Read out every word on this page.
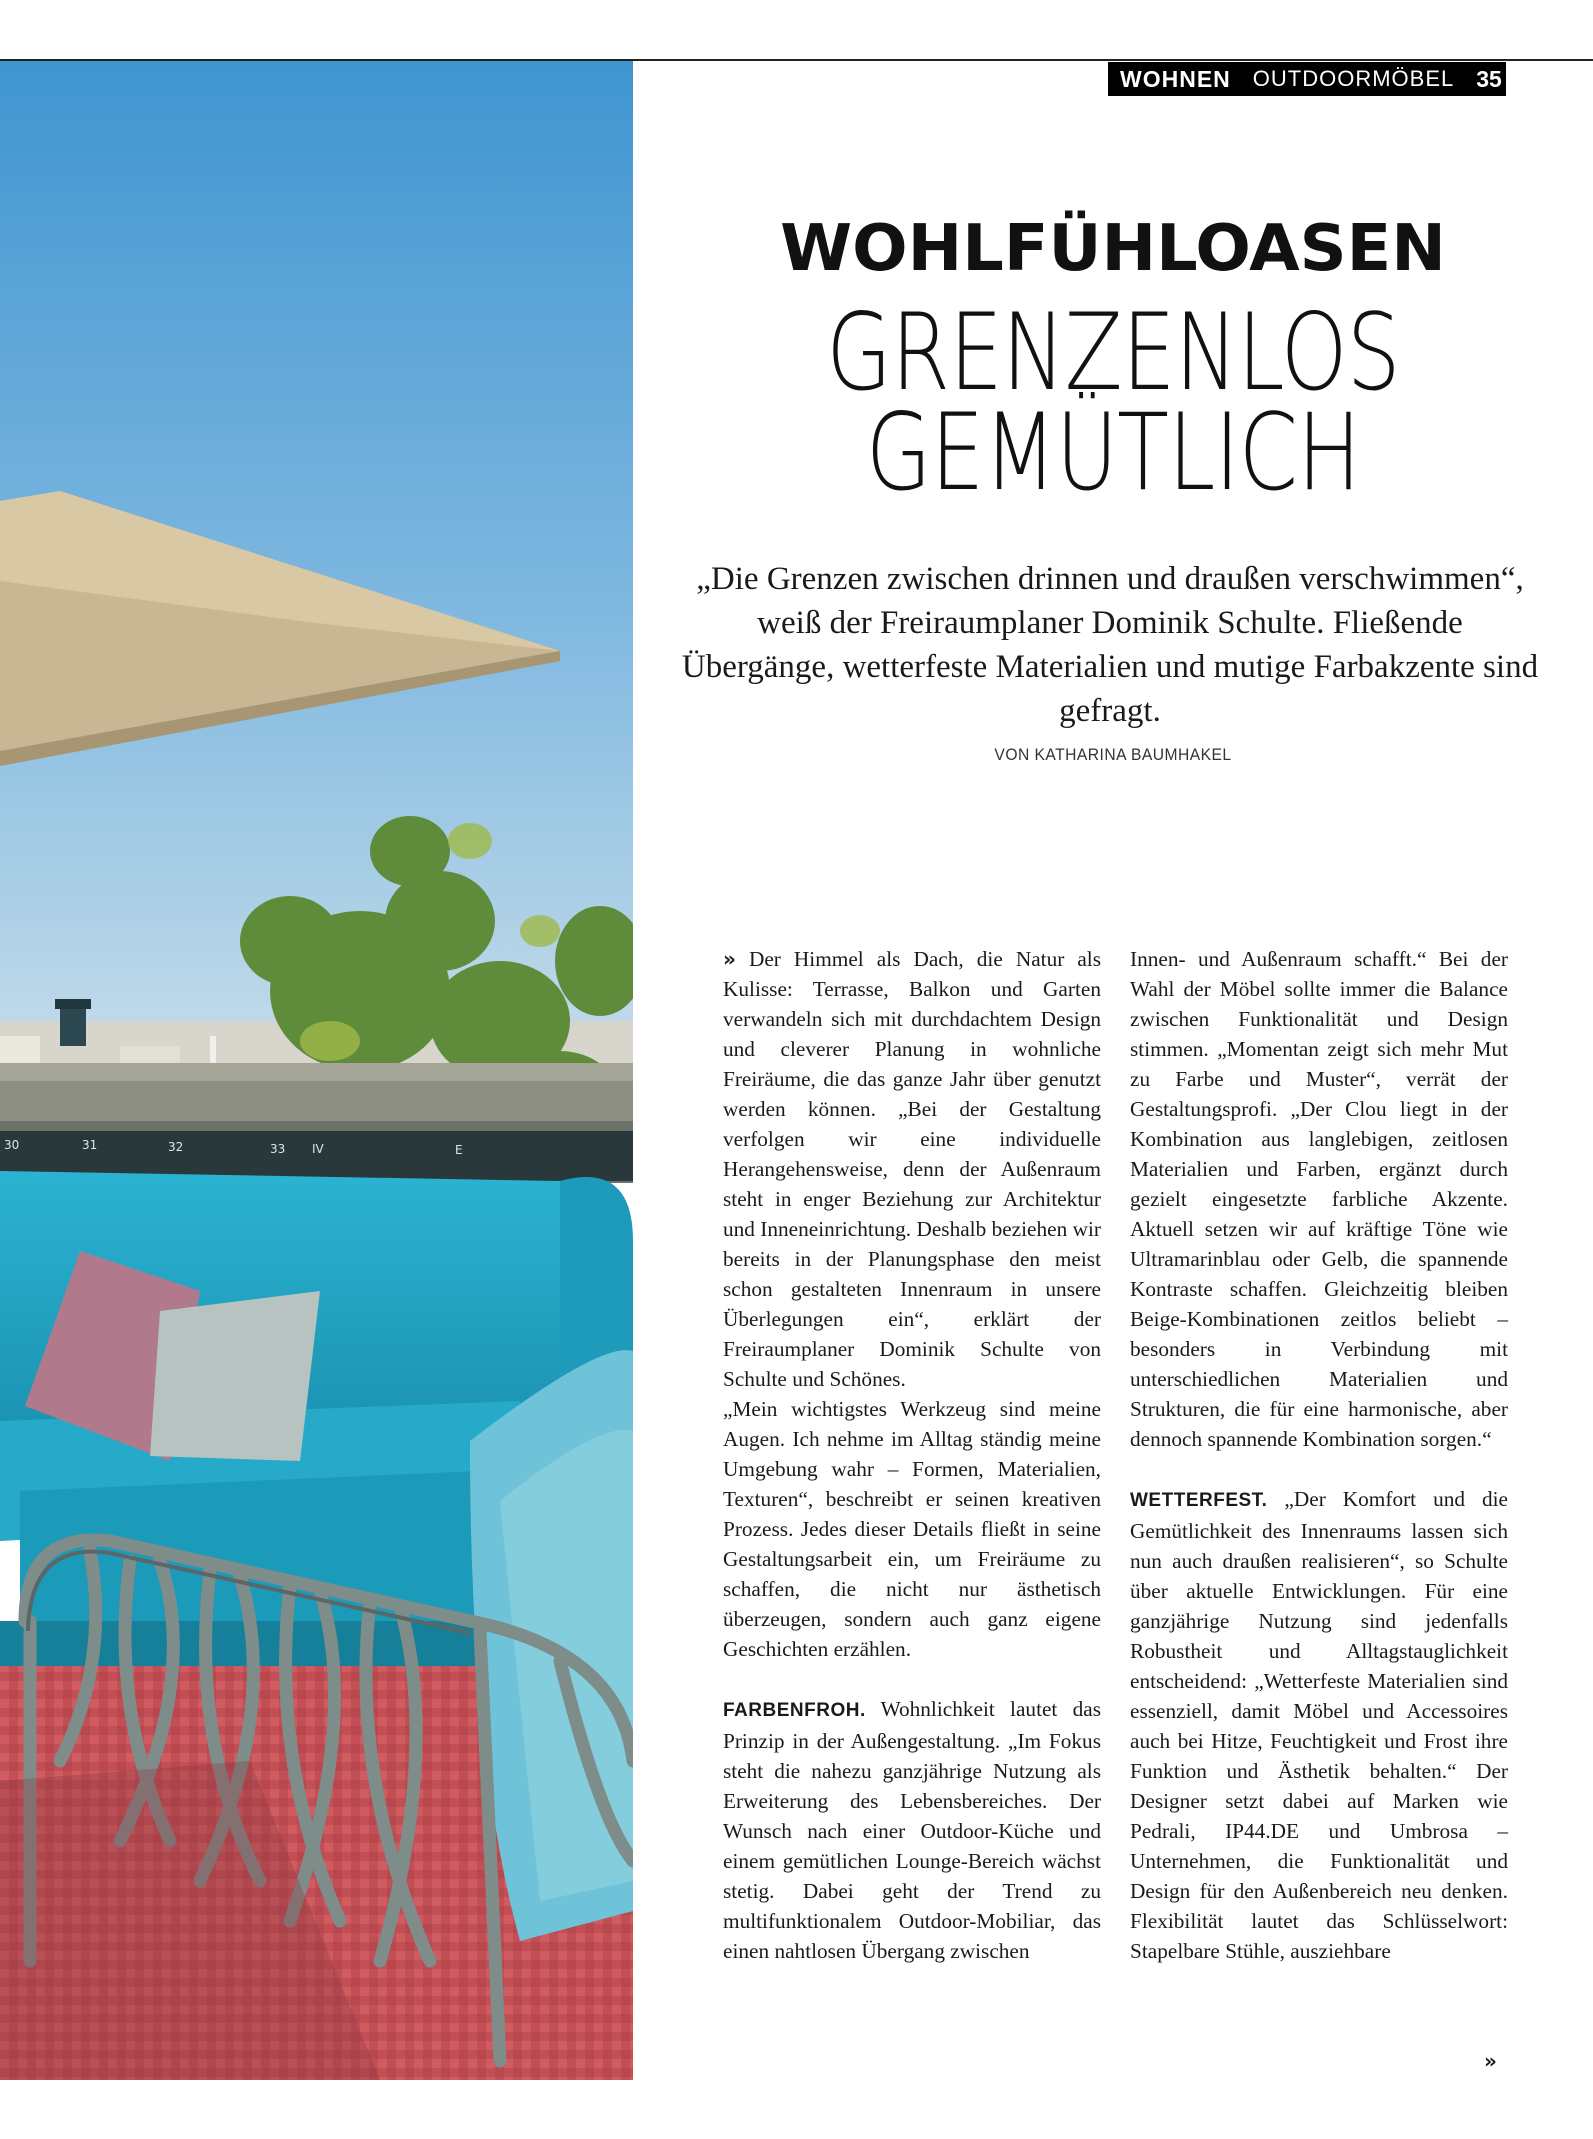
30	31	32	33 IV	E
WOHNEN OUTDOORMÖBEL 35
WOHLFÜHLOASEN
GRENZENLOS
GEMÜTLICH
„Die Grenzen zwischen drinnen und draußen verschwimmen“, weiß der Freiraumplaner Dominik Schulte. Fließende Übergänge, wetterfeste Materialien und mutige Farbakzente sind gefragt.
VON KATHARINA BAUMHAKEL

» Der Himmel als Dach, die Natur als Kulisse: Terrasse, Balkon und Garten verwandeln sich mit durchdachtem Design und cleverer Planung in wohnliche Freiräume, die das ganze Jahr über genutzt werden können. „Bei der Gestaltung verfolgen wir eine individuelle Herangehensweise, denn der Außenraum steht in enger Beziehung zur Architektur und Inneneinrichtung. Deshalb beziehen wir bereits in der Planungsphase den meist schon gestalteten Innenraum in unsere Überlegungen ein“, erklärt der Freiraumplaner Dominik Schulte von Schulte und Schönes.

„Mein wichtigstes Werkzeug sind meine Augen. Ich nehme im Alltag ständig meine Umgebung wahr – Formen, Materialien, Texturen“, beschreibt er seinen kreativen Prozess. Jedes dieser Details fließt in seine Gestaltungsarbeit ein, um Freiräume zu schaffen, die nicht nur ästhetisch überzeugen, sondern auch ganz eigene Geschichten erzählen.

FARBENFROH. Wohnlichkeit lautet das Prinzip in der Außengestaltung. „Im Fokus steht die nahezu ganzjährige Nutzung als Erweiterung des Lebensbereiches. Der Wunsch nach einer Outdoor-Küche und einem gemütlichen Lounge-Bereich wächst stetig. Dabei geht der Trend zu multifunktionalem Outdoor-Mobiliar, das einen nahtlosen Übergang zwischen

Innen- und Außenraum schafft.“ Bei der Wahl der Möbel sollte immer die Balance zwischen Funktionalität und Design stimmen. „Momentan zeigt sich mehr Mut zu Farbe und Muster“, verrät der Gestaltungsprofi. „Der Clou liegt in der Kombination aus langlebigen, zeitlosen Materialien und Farben, ergänzt durch gezielt eingesetzte farbliche Akzente. Aktuell setzen wir auf kräftige Töne wie Ultramarinblau oder Gelb, die spannende Kontraste schaffen. Gleichzeitig bleiben Beige-Kombinationen zeitlos beliebt – besonders in Verbindung mit unterschiedlichen Materialien und Strukturen, die für eine harmonische, aber dennoch spannende Kombination sorgen.“

WETTERFEST. „Der Komfort und die Gemütlichkeit des Innenraums lassen sich nun auch draußen realisieren“, so Schulte über aktuelle Entwicklungen. Für eine ganzjährige Nutzung sind jedenfalls Robustheit und Alltagstauglichkeit entscheidend: „Wetterfeste Materialien sind essenziell, damit Möbel und Accessoires auch bei Hitze, Feuchtigkeit und Frost ihre Funktion und Ästhetik behalten.“ Der Designer setzt dabei auf Marken wie Pedrali, IP44.DE und Umbrosa – Unternehmen, die Funktionalität und Design für den Außenbereich neu denken. Flexibilität lautet das Schlüsselwort: Stapelbare Stühle, ausziehbare

»
